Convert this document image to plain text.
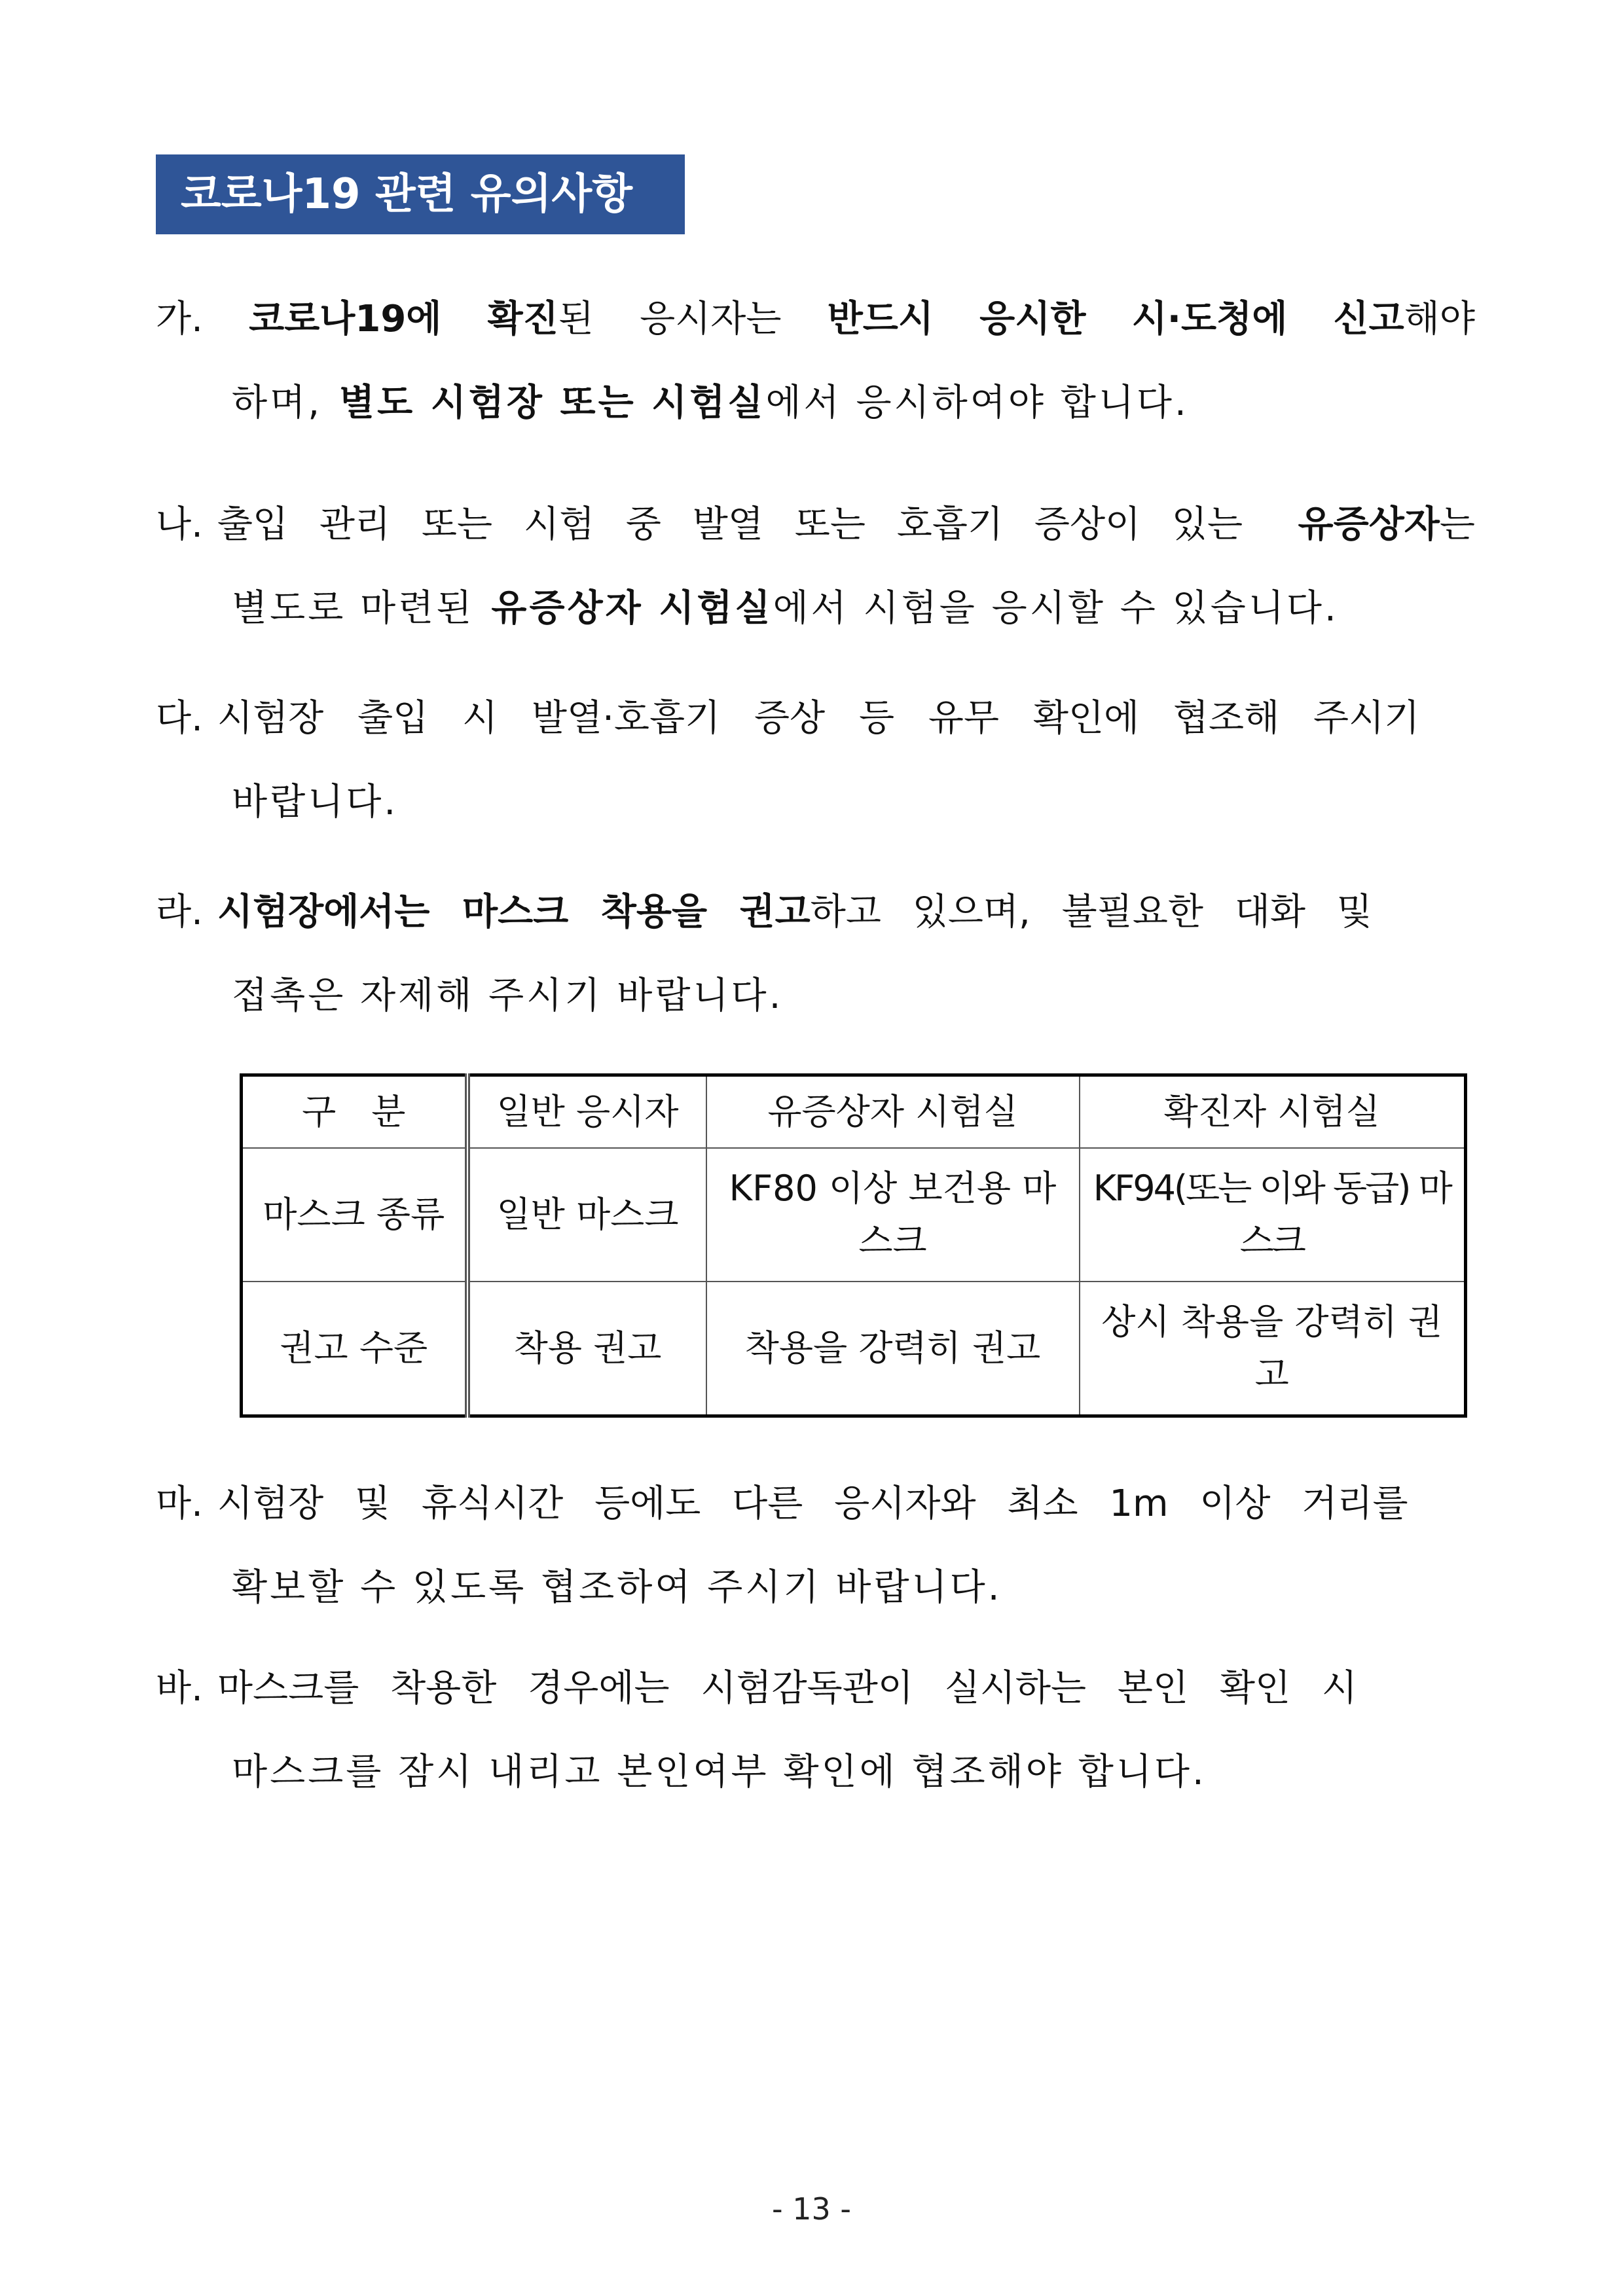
코로나19 관련 유의사항
가. 코로나19에 확진된 응시자는 반드시 응시한 시·도청에 신고해야
하며, 별도 시험장 또는 시험실 에서 응시하여야 합니다.
나. 출입 관리 또는 시험 중 발열 또는 호흡기 증상이 있는	유증상자는
별도로 마련된 유증상자 시험실 에서 시험을 응시할 수 있습니다.
다. 시험장 출입 시 발열·호흡기 증상 등 유무 확인에 협조해 주시기
바랍니다.
라. 시험장에서는 마스크 착용을 권고 하고 있으며, 불필요한 대화 및
접촉은 자제해 주시기 바랍니다.
구　분	일반 응시자	유증상자 시험실	확진자 시험실
마스크 종류	일반 마스크	KF80 이상 보건용 마스크	KF94(또는 이와 동급) 마스크
권고 수준	착용 권고	착용을 강력히 권고	상시 착용을 강력히 권고
마. 시험장 및 휴식시간 등에도 다른 응시자와 최소 1m 이상 거리를
확보할 수 있도록 협조하여 주시기 바랍니다.
바. 마스크를 착용한 경우에는 시험감독관이 실시하는 본인 확인 시
마스크를 잠시 내리고 본인여부 확인에 협조해야 합니다.
- 13 -
